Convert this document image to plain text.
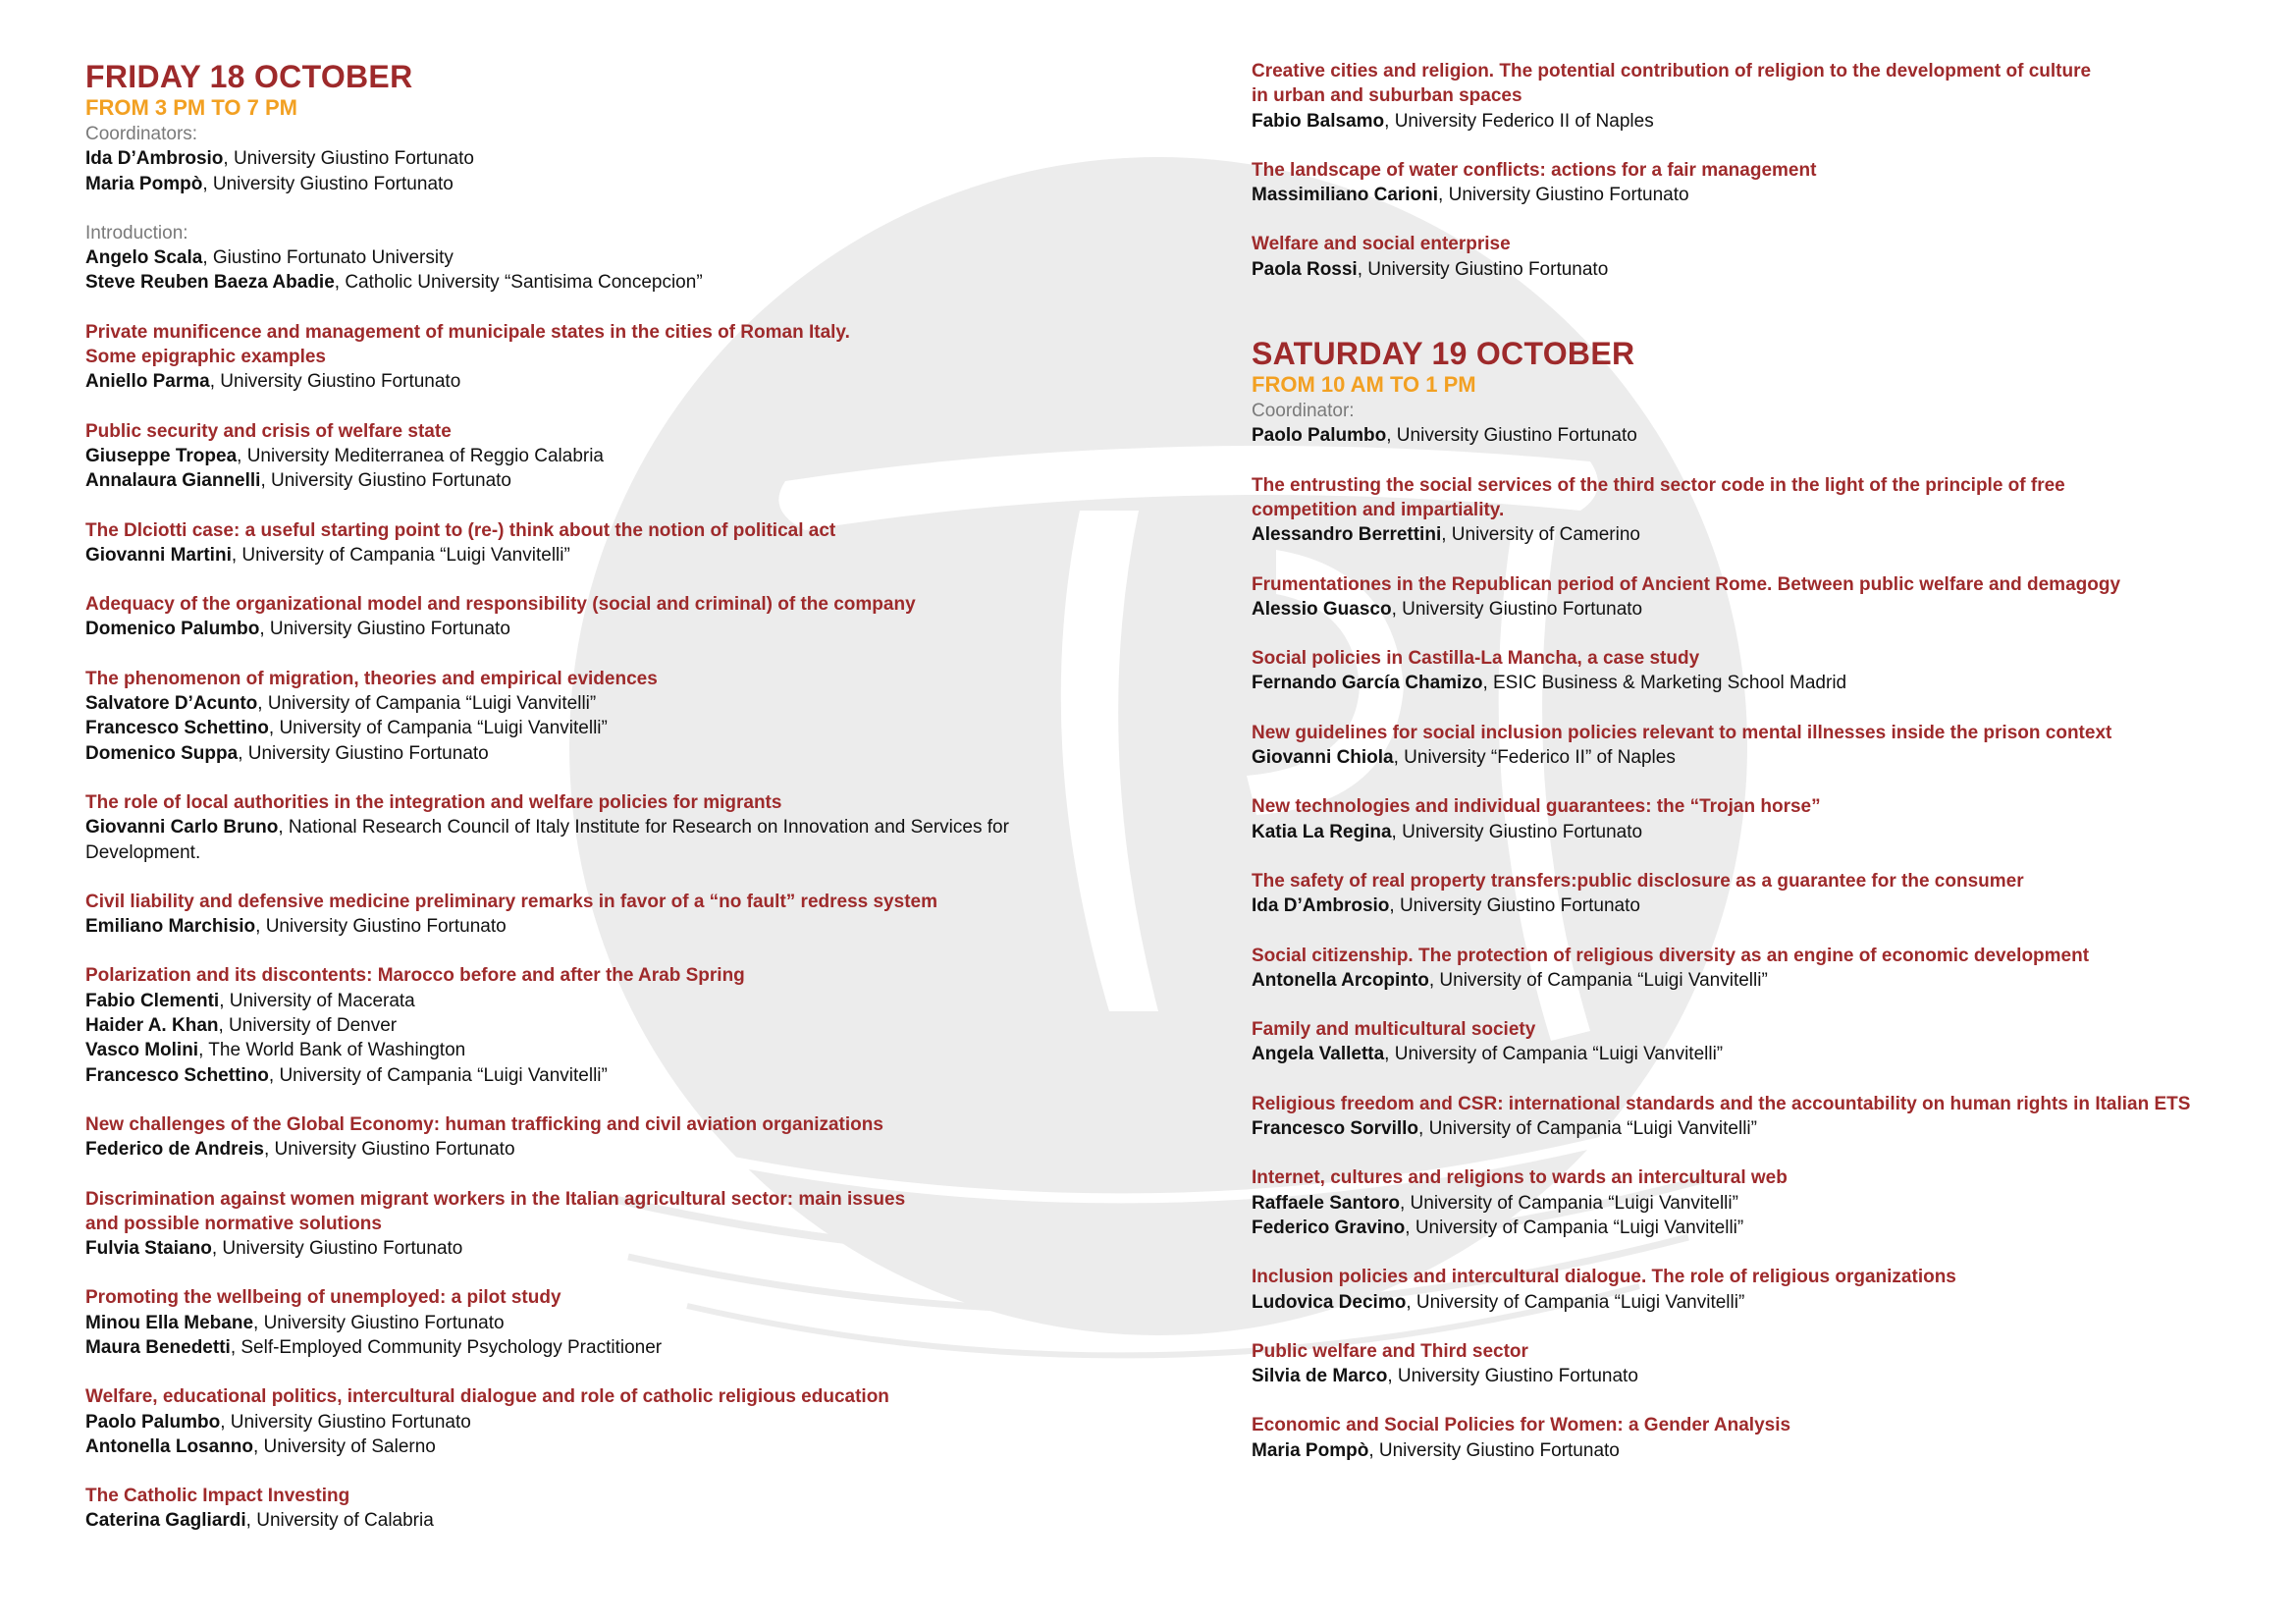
FRIDAY 18 OCTOBER
FROM 3 PM TO 7 PM
Coordinators:
Ida D’Ambrosio, University Giustino Fortunato
Maria Pompò, University Giustino Fortunato
Introduction:
Angelo Scala, Giustino Fortunato University
Steve Reuben Baeza Abadie, Catholic University “Santisima Concepcion”
Private munificence and management of municipale states in the cities of Roman Italy.
Some epigraphic examples
Aniello Parma, University Giustino Fortunato
Public security and crisis of welfare state
Giuseppe Tropea, University Mediterranea of Reggio Calabria
Annalaura Giannelli, University Giustino Fortunato
The Dlciotti case: a useful starting point to (re-) think about the notion of political act
Giovanni Martini, University of Campania “Luigi Vanvitelli”
Adequacy of the organizational model and responsibility (social and criminal) of the company
Domenico Palumbo, University Giustino Fortunato
The phenomenon of migration, theories and empirical evidences
Salvatore D’Acunto, University of Campania “Luigi Vanvitelli”
Francesco Schettino, University of Campania “Luigi Vanvitelli”
Domenico Suppa, University Giustino Fortunato
The role of local authorities in the integration and welfare policies for migrants
Giovanni Carlo Bruno, National Research Council of Italy Institute for Research on Innovation and Services for Development.
Civil liability and defensive medicine preliminary remarks in favor of a “no fault” redress system
Emiliano Marchisio, University Giustino Fortunato
Polarization and its discontents: Marocco before and after the Arab Spring
Fabio Clementi, University of Macerata
Haider A. Khan, University of Denver
Vasco Molini, The World Bank of Washington
Francesco Schettino, University of Campania “Luigi Vanvitelli”
New challenges of the Global Economy: human trafficking and civil aviation organizations
Federico de Andreis, University Giustino Fortunato
Discrimination against women migrant workers in the Italian agricultural sector: main issues
and possible normative solutions
Fulvia Staiano, University Giustino Fortunato
Promoting the wellbeing of unemployed: a pilot study
Minou Ella Mebane, University Giustino Fortunato
Maura Benedetti, Self-Employed Community Psychology Practitioner
Welfare, educational politics, intercultural dialogue and role of catholic religious education
Paolo Palumbo, University Giustino Fortunato
Antonella Losanno, University of Salerno
The Catholic Impact Investing
Caterina Gagliardi, University of Calabria
Creative cities and religion. The potential contribution of religion to the development of culture
in urban and suburban spaces
Fabio Balsamo, University Federico II of Naples
The landscape of water conflicts: actions for a fair management
Massimiliano Carioni, University Giustino Fortunato
Welfare and social enterprise
Paola Rossi, University Giustino Fortunato
SATURDAY 19 OCTOBER
FROM 10 AM TO 1 PM
Coordinator:
Paolo Palumbo, University Giustino Fortunato
The entrusting the social services of the third sector code in the light of the principle of free
competition and impartiality.
Alessandro Berrettini, University of Camerino
Frumentationes in the Republican period of Ancient Rome. Between public welfare and demagogy
Alessio Guasco, University Giustino Fortunato
Social policies in Castilla-La Mancha, a case study
Fernando García Chamizo, ESIC Business & Marketing School Madrid
New guidelines for social inclusion policies relevant to mental illnesses inside the prison context
Giovanni Chiola, University “Federico II” of Naples
New technologies and individual guarantees: the “Trojan horse”
Katia La Regina, University Giustino Fortunato
The safety of real property transfers:public disclosure as a guarantee for the consumer
Ida D’Ambrosio, University Giustino Fortunato
Social citizenship. The protection of religious diversity as an engine of economic development
Antonella Arcopinto, University of Campania “Luigi Vanvitelli”
Family and multicultural society
Angela Valletta, University of Campania “Luigi Vanvitelli”
Religious freedom and CSR: international standards and the accountability on human rights in Italian ETS
Francesco Sorvillo, University of Campania “Luigi Vanvitelli”
Internet, cultures and religions to wards an intercultural web
Raffaele Santoro, University of Campania “Luigi Vanvitelli”
Federico Gravino, University of Campania “Luigi Vanvitelli”
Inclusion policies and intercultural dialogue. The role of religious organizations
Ludovica Decimo, University of Campania “Luigi Vanvitelli”
Public welfare and Third sector
Silvia de Marco, University Giustino Fortunato
Economic and Social Policies for Women: a Gender Analysis
Maria Pompò, University Giustino Fortunato
